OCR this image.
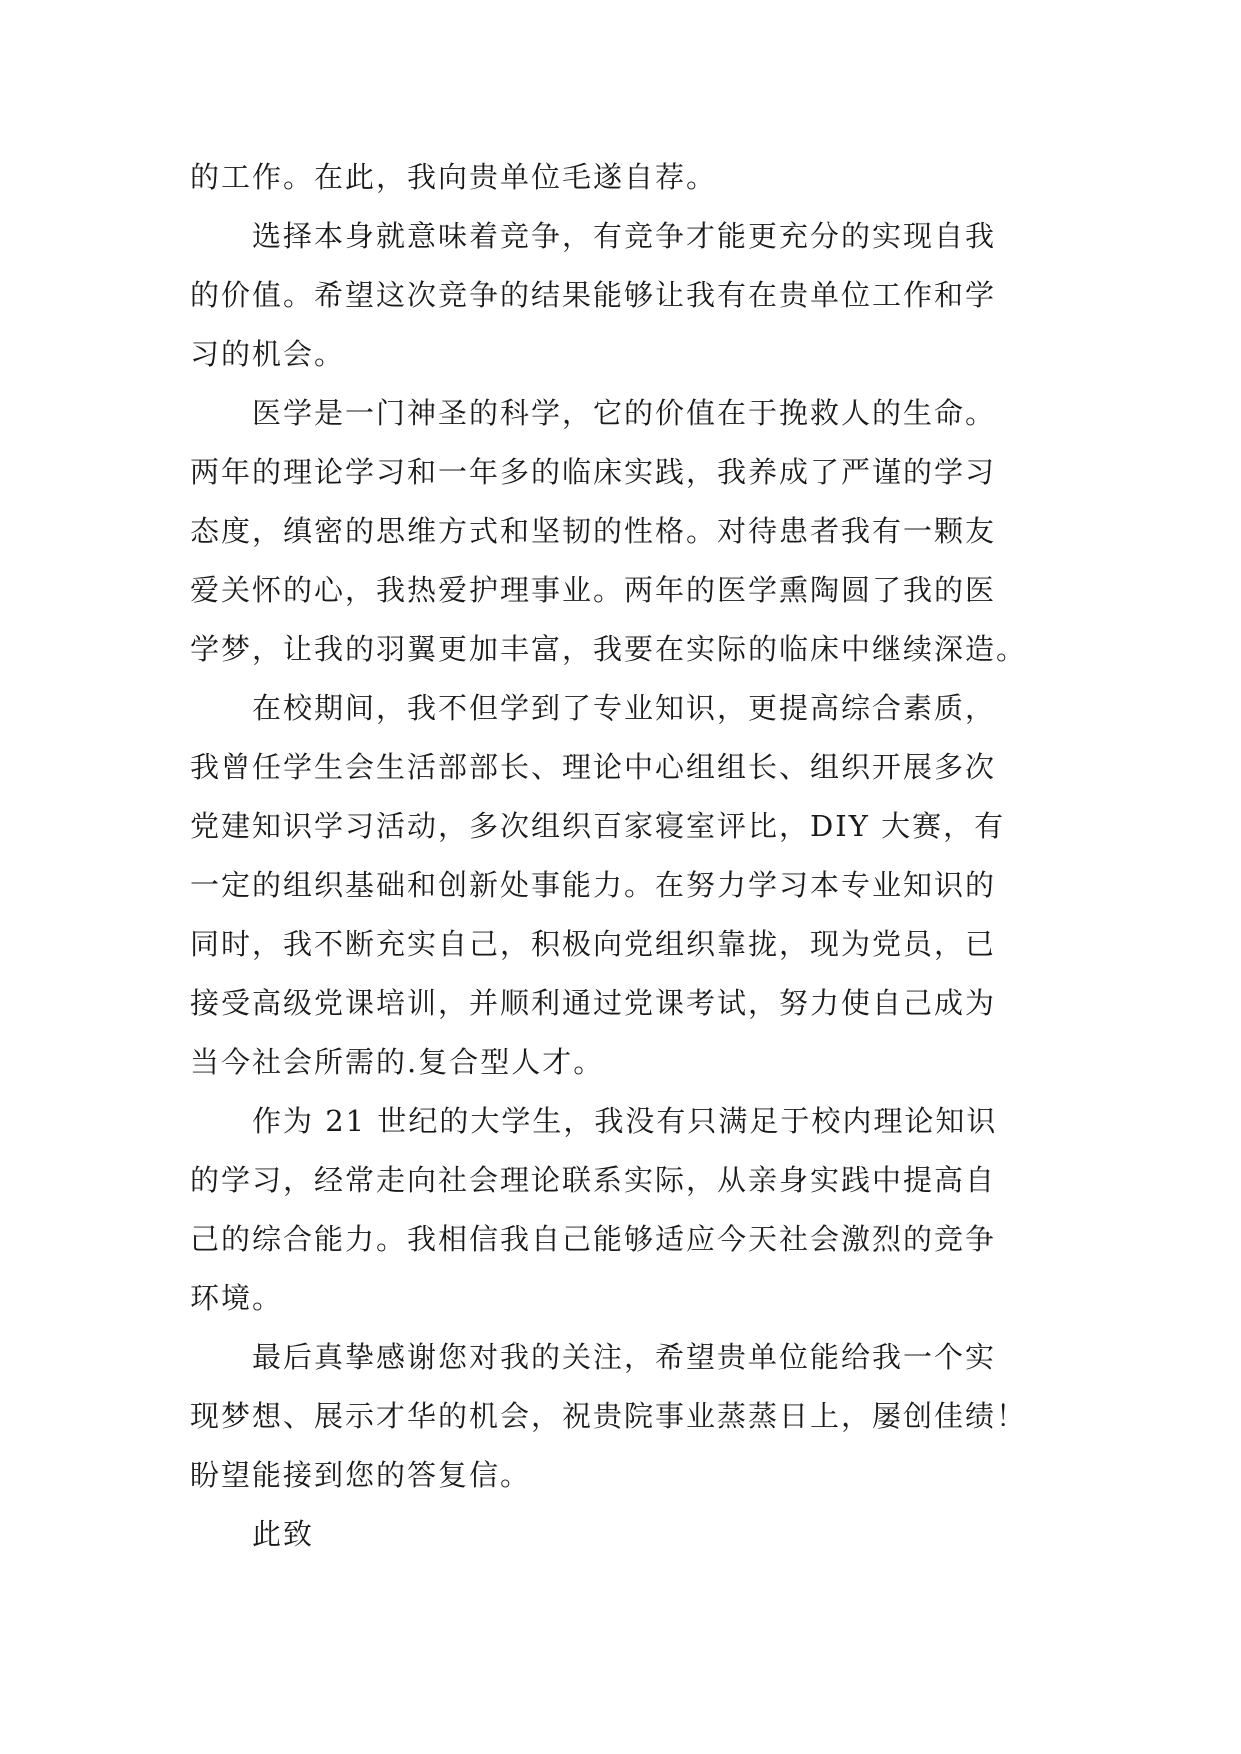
的工作。在此，我向贵单位毛遂自荐。
选择本身就意味着竞争，有竞争才能更充分的实现自我
的价值。希望这次竞争的结果能够让我有在贵单位工作和学
习的机会。
医学是一门神圣的科学，它的价值在于挽救人的生命。
两年的理论学习和一年多的临床实践，我养成了严谨的学习
态度，缜密的思维方式和坚韧的性格。对待患者我有一颗友
爱关怀的心，我热爱护理事业。两年的医学熏陶圆了我的医
学梦，让我的羽翼更加丰富，我要在实际的临床中继续深造。
在校期间，我不但学到了专业知识，更提高综合素质，
我曾任学生会生活部部长、理论中心组组长、组织开展多次
党建知识学习活动，多次组织百家寝室评比，DIY 大赛，有
一定的组织基础和创新处事能力。在努力学习本专业知识的
同时，我不断充实自己，积极向党组织靠拢，现为党员，已
接受高级党课培训，并顺利通过党课考试，努力使自己成为
当今社会所需的.复合型人才。
作为 21 世纪的大学生，我没有只满足于校内理论知识
的学习，经常走向社会理论联系实际，从亲身实践中提高自
己的综合能力。我相信我自己能够适应今天社会激烈的竞争
环境。
最后真挚感谢您对我的关注，希望贵单位能给我一个实
现梦想、展示才华的机会，祝贵院事业蒸蒸日上，屡创佳绩！
盼望能接到您的答复信。
此致
